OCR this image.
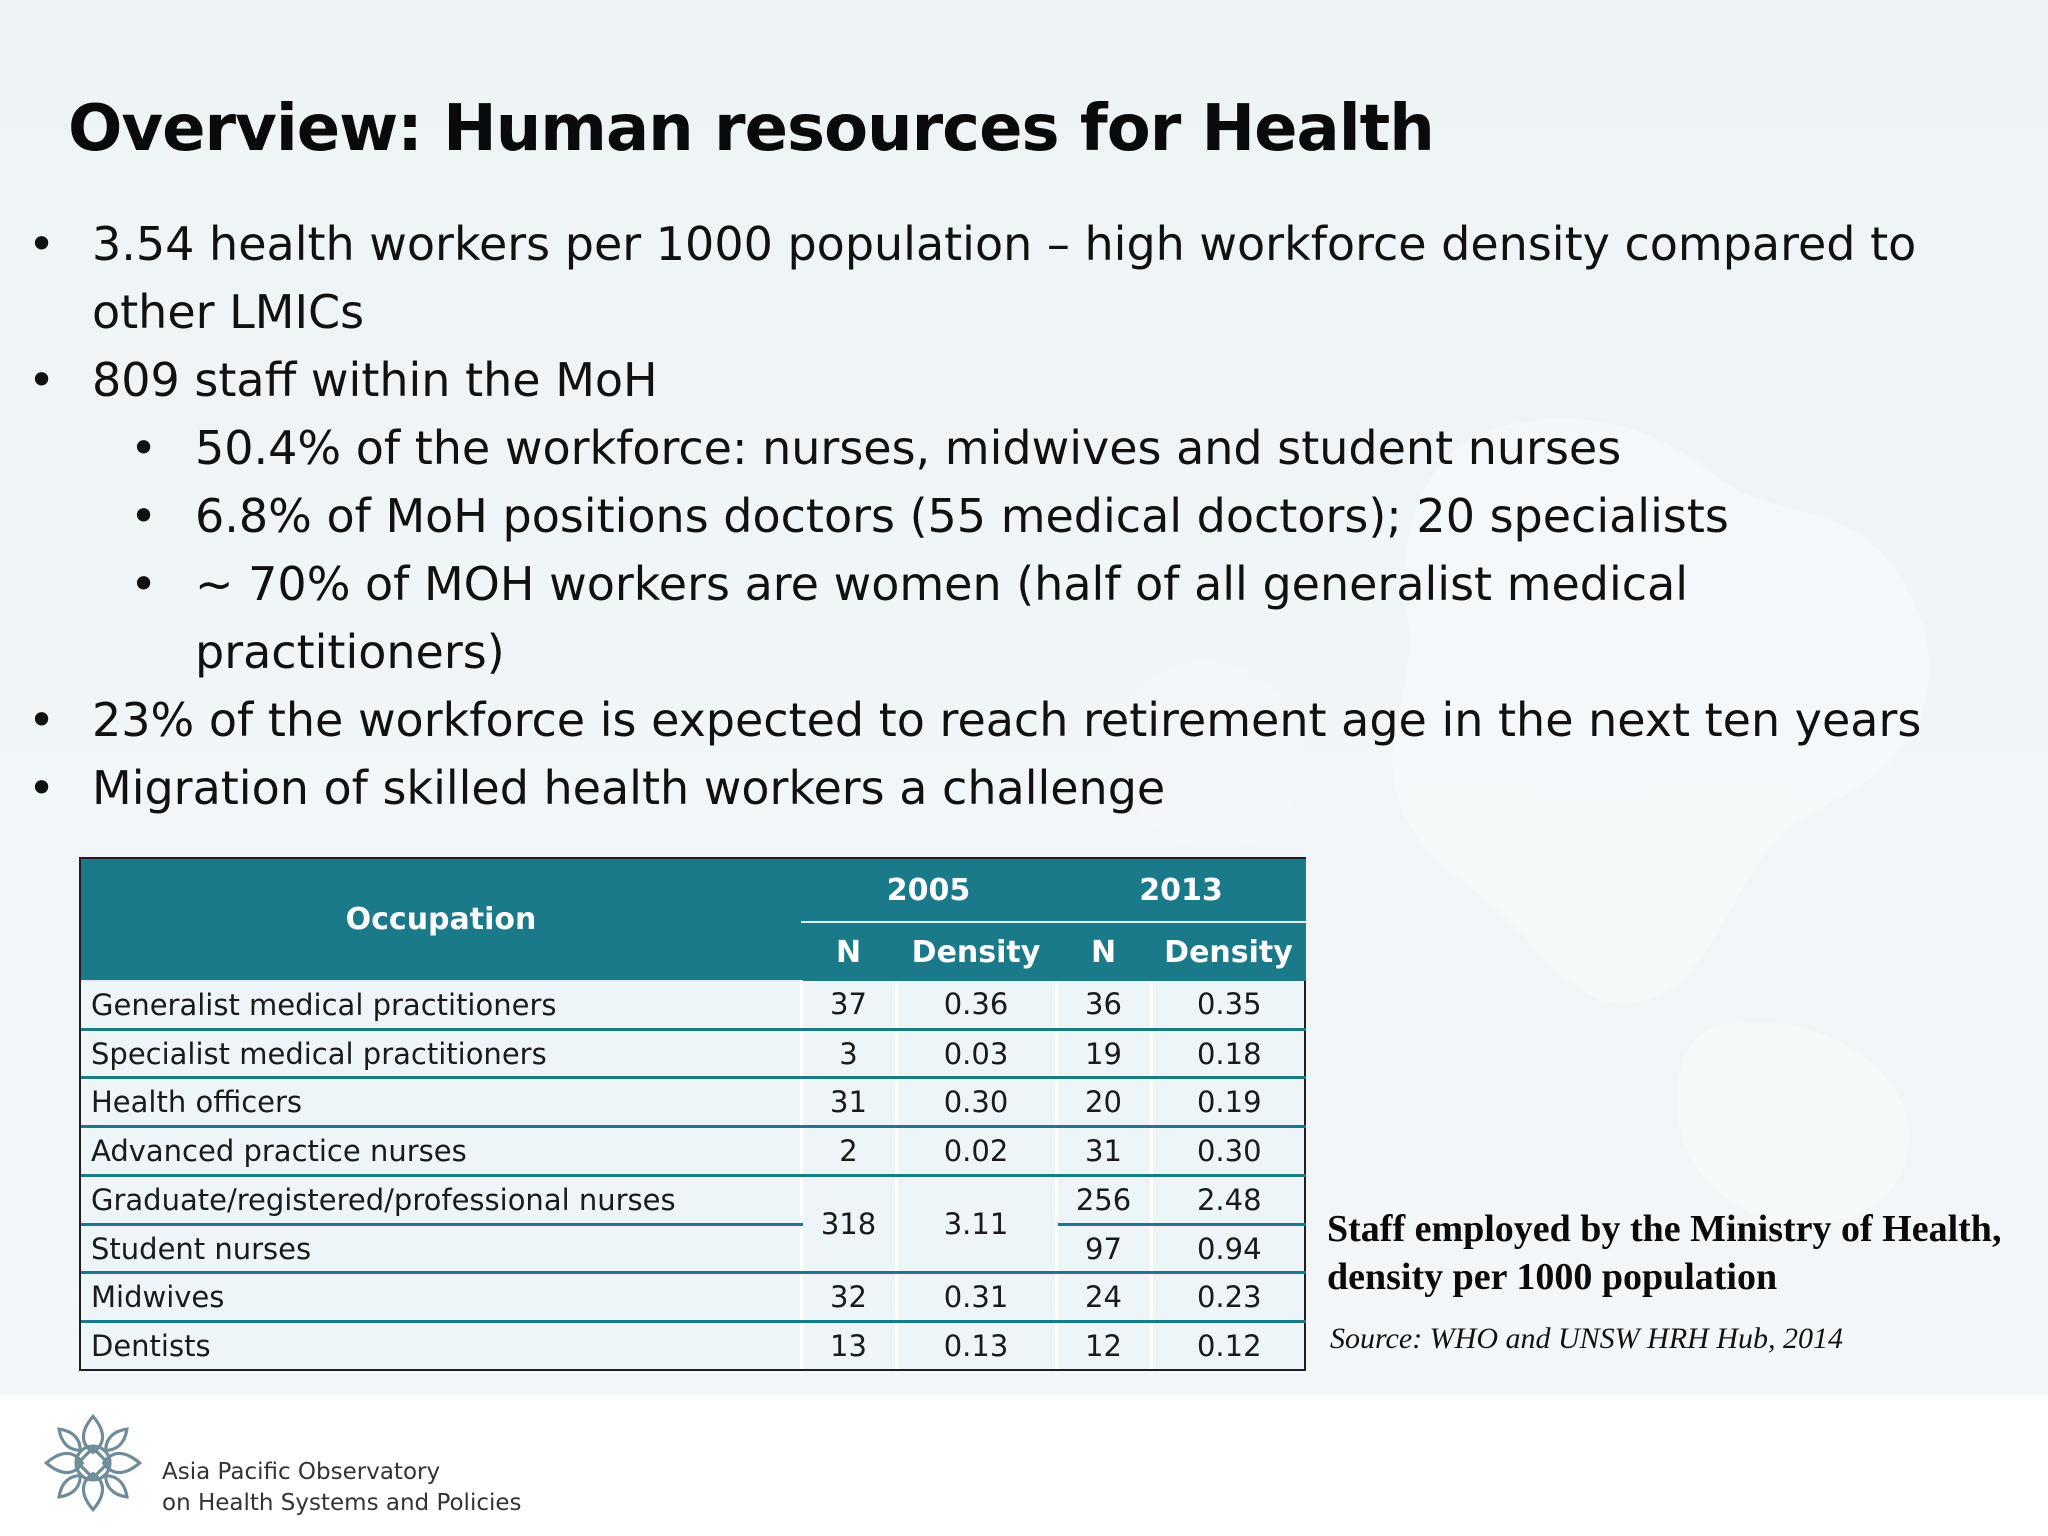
Overview: Human resources for Health
• 3.54 health workers per 1000 population – high workforce density compared to
other LMICs
• 809 staff within the MoH
• 50.4% of the workforce: nurses, midwives and student nurses
• 6.8% of MoH positions doctors (55 medical doctors); 20 specialists
• ~ 70% of MOH workers are women (half of all generalist medical
practitioners)
• 23% of the workforce is expected to reach retirement age in the next ten years
• Migration of skilled health workers a challenge
Occupation	2005		2013	
	N	Density	N	Density
Generalist medical practitioners	37	0.36	36	0.35
Specialist medical practitioners	3	0.03	19	0.18
Health officers	31	0.30	20	0.19
Advanced practice nurses	2	0.02	31	0.30
Graduate/registered/professional nurses	318	3.11	256	2.48
Student nurses			97	0.94
Midwives	32	0.31	24	0.23
Dentists	13	0.13	12	0.12
Staff employed by the Ministry of Health, density per 1000 population
Source: WHO and UNSW HRH Hub, 2014
Asia Pacific Observatory
on Health Systems and Policies
